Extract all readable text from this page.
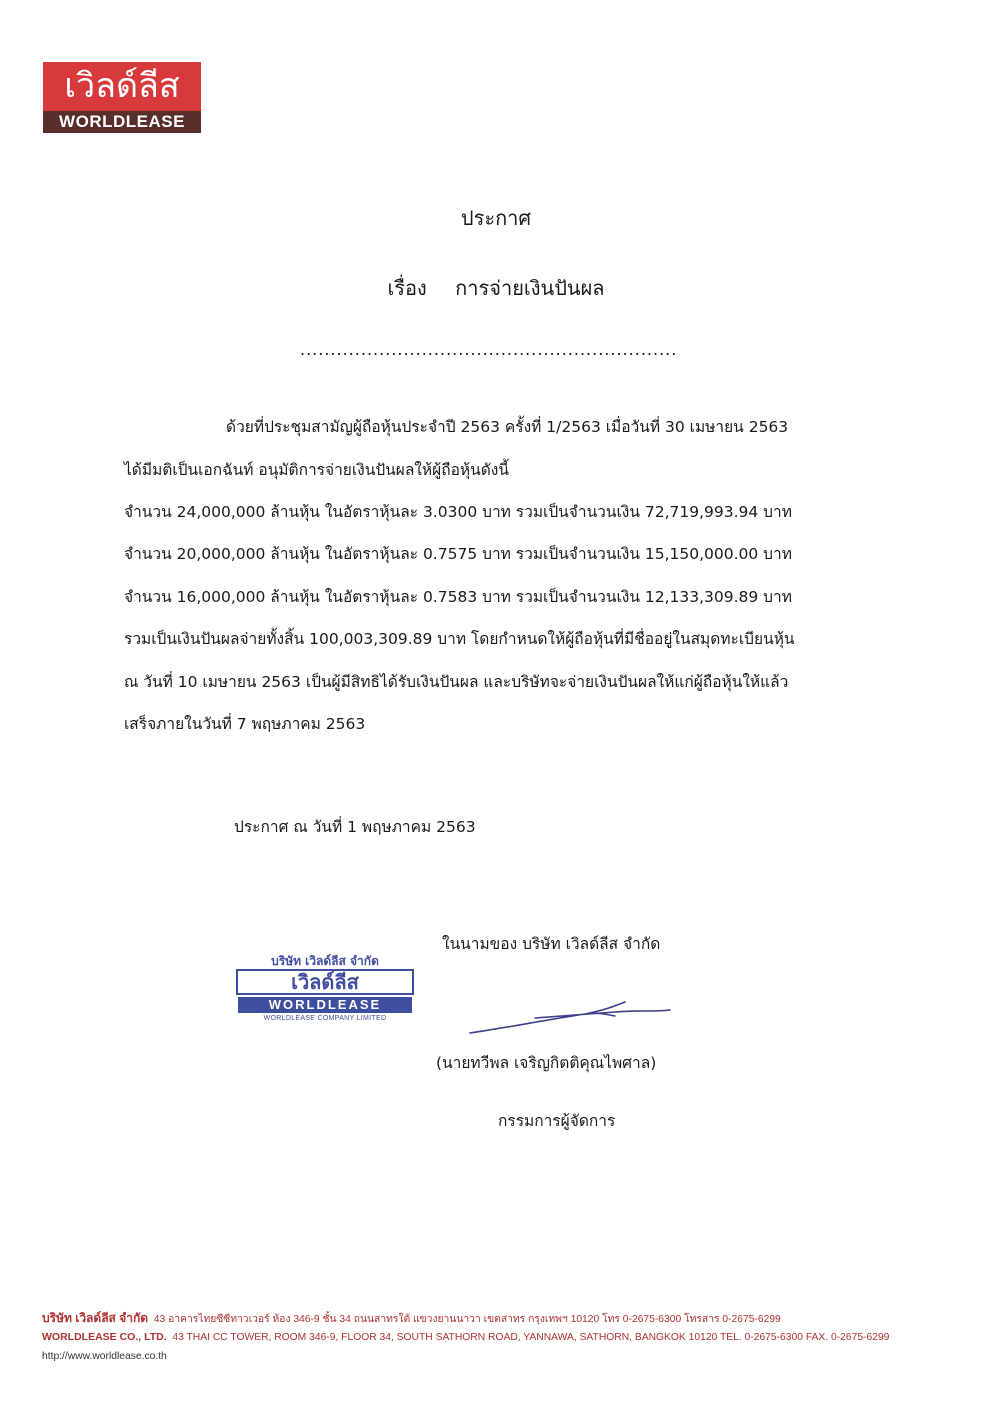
เวิลด์ลีส
WORLDLEASE
ประกาศ
เรื่อง การจ่ายเงินปันผล
..............................................................
ด้วยที่ประชุมสามัญผู้ถือหุ้นประจำปี 2563 ครั้งที่ 1/2563 เมื่อวันที่ 30 เมษายน 2563
ได้มีมติเป็นเอกฉันท์ อนุมัติการจ่ายเงินปันผลให้ผู้ถือหุ้นดังนี้
จำนวน 24,000,000 ล้านหุ้น ในอัตราหุ้นละ 3.0300 บาท รวมเป็นจำนวนเงิน 72,719,993.94 บาท
จำนวน 20,000,000 ล้านหุ้น ในอัตราหุ้นละ 0.7575 บาท รวมเป็นจำนวนเงิน 15,150,000.00 บาท
จำนวน 16,000,000 ล้านหุ้น ในอัตราหุ้นละ 0.7583 บาท รวมเป็นจำนวนเงิน 12,133,309.89 บาท
รวมเป็นเงินปันผลจ่ายทั้งสิ้น 100,003,309.89 บาท โดยกำหนดให้ผู้ถือหุ้นที่มีชื่ออยู่ในสมุดทะเบียนหุ้น
ณ วันที่ 10 เมษายน 2563 เป็นผู้มีสิทธิได้รับเงินปันผล และบริษัทจะจ่ายเงินปันผลให้แก่ผู้ถือหุ้นให้แล้ว
เสร็จภายในวันที่ 7 พฤษภาคม 2563
ประกาศ ณ วันที่ 1 พฤษภาคม 2563
ในนามของ บริษัท เวิลด์ลีส จำกัด
บริษัท เวิลด์ลีส จำกัด
เวิลด์ลีส
WORLDLEASE
WORLDLEASE COMPANY LIMITED
(นายทวีพล เจริญกิตติคุณไพศาล)
กรรมการผู้จัดการ
บริษัท เวิลด์ลีส จำกัด 43 อาคารไทยซีซีทาวเวอร์ ห้อง 346-9 ชั้น 34 ถนนสาทรใต้ แขวงยานนาวา เขตสาทร กรุงเทพฯ 10120 โทร 0-2675-6300 โทรสาร 0-2675-6299
WORLDLEASE CO., LTD. 43 THAI CC TOWER, ROOM 346-9, FLOOR 34, SOUTH SATHORN ROAD, YANNAWA, SATHORN, BANGKOK 10120 TEL. 0-2675-6300 FAX. 0-2675-6299
http://www.worldlease.co.th
